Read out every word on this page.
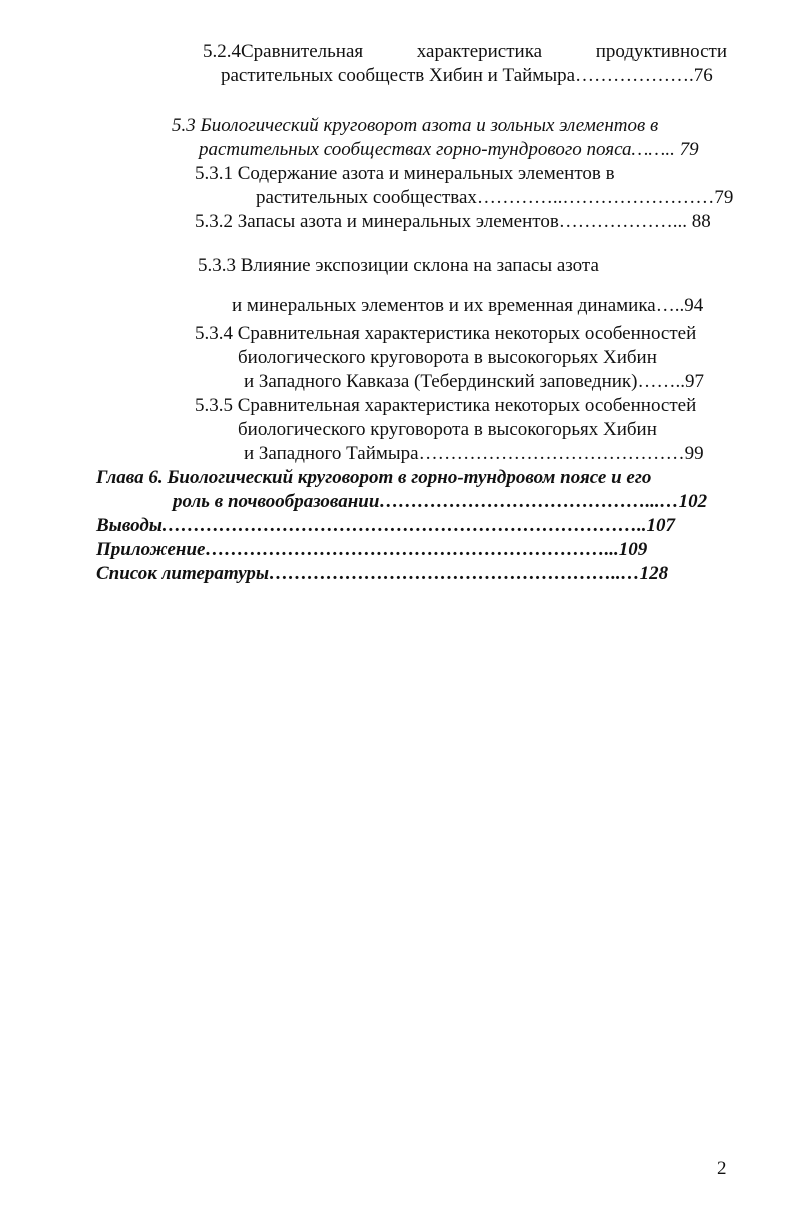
5.2.4Сравнительная	характеристика	продуктивности
растительных сообществ Хибин и Таймыра……………….76
5.3 Биологический круговорот азота и зольных элементов в
растительных сообществах горно-тундрового пояса…….. 79
5.3.1 Содержание азота и минеральных элементов в
растительных сообществах…………..……………………79
5.3.2 Запасы азота и минеральных элементов………………... 88
5.3.3 Влияние экспозиции склона на запасы азота
и минеральных элементов и их временная динамика…..94
5.3.4 Сравнительная характеристика некоторых особенностей
биологического круговорота в высокогорьях Хибин
и Западного Кавказа (Тебердинский заповедник)……..97
5.3.5 Сравнительная характеристика некоторых особенностей
биологического круговорота в высокогорьях Хибин
и Западного Таймыра……………………………………99
Глава 6. Биологический круговорот в горно-тундровом поясе и его
роль в почвообразовании……………………………………...…102
Выводы…………………………………………………………………..107
Приложение………………………………………………………...109
Список литературы………………………………………………..…128
2
